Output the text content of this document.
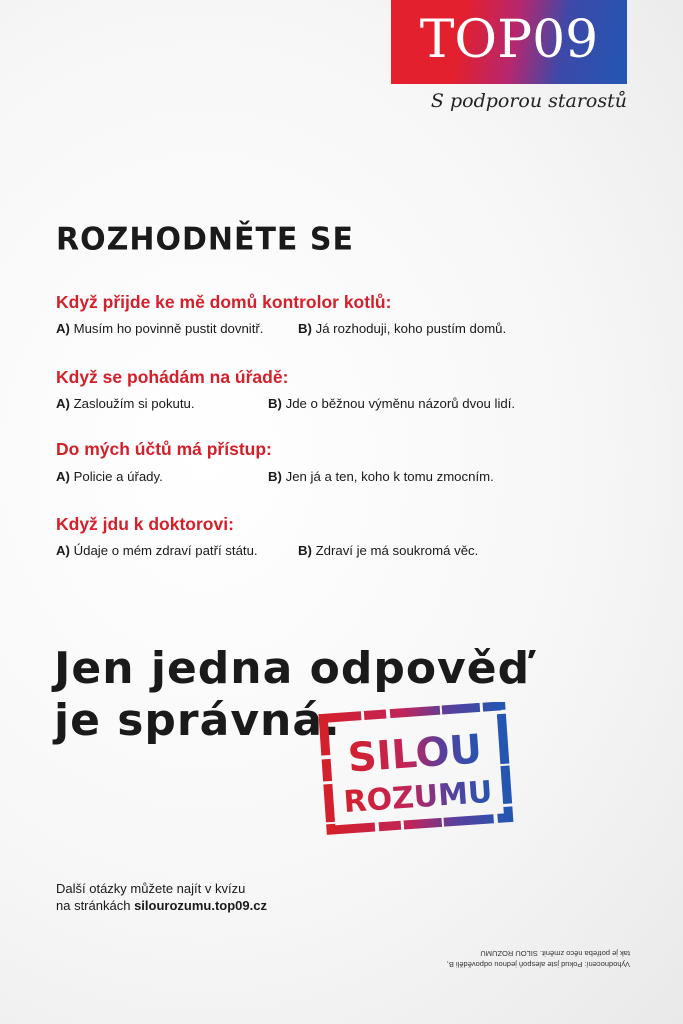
TOP09
S podporou starostů
ROZHODNĚTE SE
Když přijde ke mě domů kontrolor kotlů:
A) Musím ho povinně pustit dovnitř.	B) Já rozhoduji, koho pustím domů.
Když se pohádám na úřadě:
A) Zasloužím si pokutu.	B) Jde o běžnou výměnu názorů dvou lidí.
Do mých účtů má přístup:
A) Policie a úřady.	B) Jen já a ten, koho k tomu zmocním.
Když jdu k doktorovi:
A) Údaje o mém zdraví patří státu.	B) Zdraví je má soukromá věc.
Jen jedna odpověď
je správná.
SILOU
ROZUMU
Další otázky můžete najít v kvízu
na stránkách silourozumu.top09.cz
Vyhodnocení: Pokud jste alespoň jednou odpověděli B,
tak je potřeba něco změnit. SILOU ROZUMU
